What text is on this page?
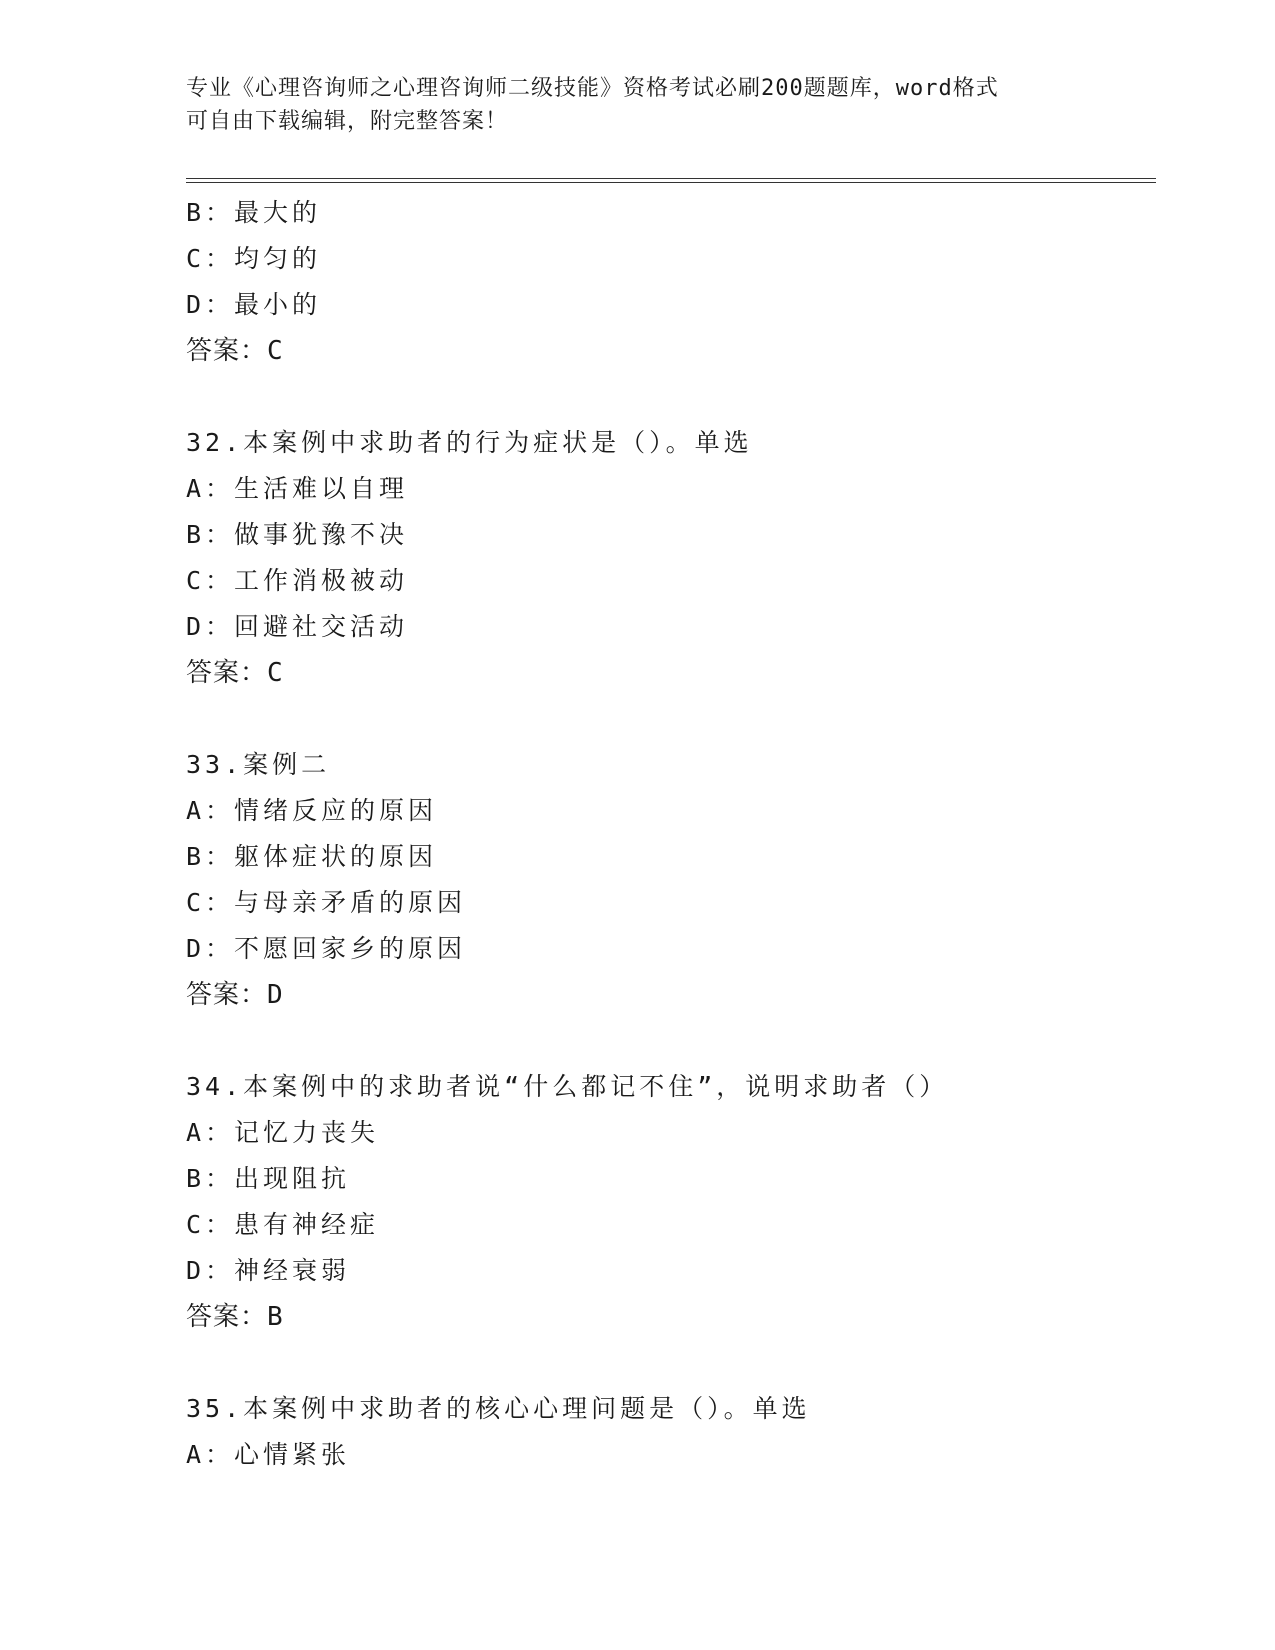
专业《心理咨询师之心理咨询师二级技能》资格考试必刷200题题库，word格式
可自由下载编辑，附完整答案！
B：最大的
C：均匀的
D：最小的
答案：C
32.本案例中求助者的行为症状是（）。单选
A：生活难以自理
B：做事犹豫不决
C：工作消极被动
D：回避社交活动
答案：C
33.案例二
A：情绪反应的原因
B：躯体症状的原因
C：与母亲矛盾的原因
D：不愿回家乡的原因
答案：D
34.本案例中的求助者说“什么都记不住”，说明求助者（）
A：记忆力丧失
B：出现阻抗
C：患有神经症
D：神经衰弱
答案：B
35.本案例中求助者的核心心理问题是（）。单选
A：心情紧张
